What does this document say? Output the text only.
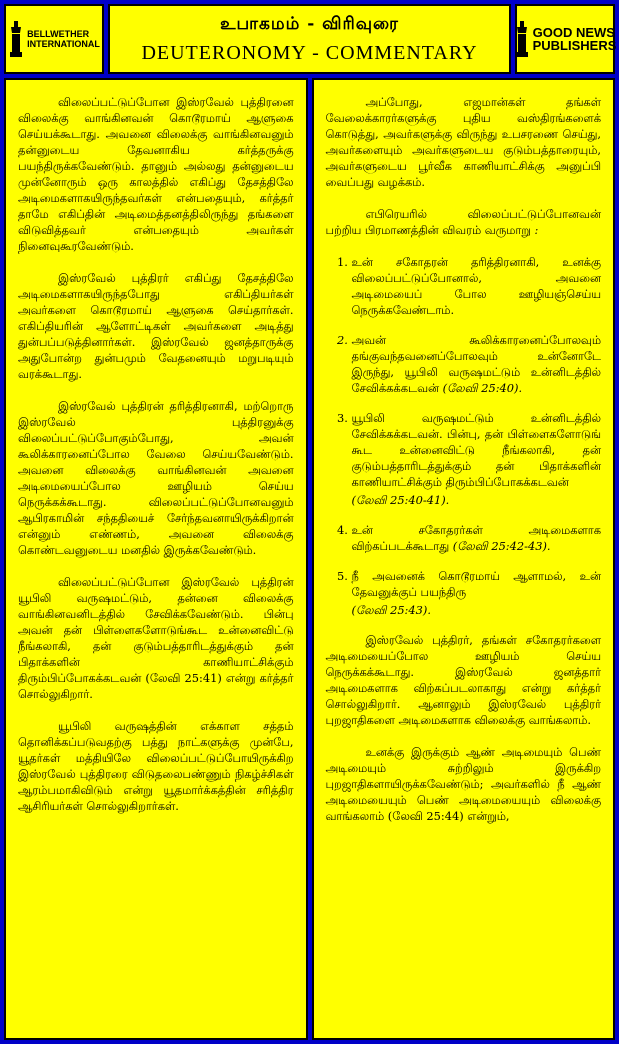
BELLWETHER
INTERNATIONAL
உபாகமம் - விரிவுரை
DEUTERONOMY - COMMENTARY
GOOD NEWS
PUBLISHERS

விலைப்பட்டுப்போன இஸ்ரவேல் புத்திரனை விலைக்கு வாங்கினவன் கொடூரமாய் ஆளுகை செய்யக்கூடாது. அவனை விலைக்கு வாங்கினவனும் தன்னுடைய தேவனாகிய கர்த்தருக்கு பயந்திருக்கவேண்டும். தானும் அல்லது தன்னுடைய முன்னோரும் ஒரு காலத்தில் எகிப்து தேசத்திலே அடிமைகளாகயிருந்தவர்கள் என்பதையும், கர்த்தர் தாமே எகிப்தின் அடிமைத்தனத்திலிருந்து தங்களை விடுவித்தவர் என்பதையும் அவர்கள் நினைவுகூரவேண்டும்.

இஸ்ரவேல் புத்திரர் எகிப்து தேசத்திலே அடிமைகளாகயிருந்தபோது எகிப்தியர்கள் அவர்களை கொடூரமாய் ஆளுகை செய்தார்கள். எகிப்தியரின் ஆளோட்டிகள் அவர்களை அடித்து துன்பப்படுத்தினார்கள். இஸ்ரவேல் ஜனத்தாருக்கு அதுபோன்ற துன்பமும் வேதனையும் மறுபடியும் வரக்கூடாது.

இஸ்ரவேல் புத்திரன் தரித்திரனாகி, மற்றொரு இஸ்ரவேல் புத்திரனுக்கு விலைப்பட்டுப்போகும்போது, அவன் கூலிக்காரனைப்போல வேலை செய்யவேண்டும். அவனை விலைக்கு வாங்கினவன் அவனை அடிமையைப்போல ஊழியம் செய்ய நெருக்கக்கூடாது. விலைப்பட்டுப்போனவனும் ஆபிரகாமின் சந்ததியைச் சேர்ந்தவனாயிருக்கிறான் என்னும் எண்ணம், அவனை விலைக்கு கொண்டவனுடைய மனதில் இருக்கவேண்டும்.

விலைப்பட்டுப்போன இஸ்ரவேல் புத்திரன் யூபிலி வருஷமட்டும், தன்னை விலைக்கு வாங்கினவனிடத்தில் சேவிக்கவேண்டும். பின்பு அவன் தன் பிள்ளைகளோடுங்கூட உன்னைவிட்டு நீங்கலாகி, தன் குடும்பத்தாரிடத்துக்கும் தன் பிதாக்களின் காணியாட்சிக்கும் திரும்பிப்போகக்கடவன் (லேவி 25:41) என்று கர்த்தர் சொல்லுகிறார்.

யூபிலி வருஷத்தின் எக்காள சத்தம் தொனிக்கப்படுவதற்கு பத்து நாட்களுக்கு முன்பே, யூதர்கள் மத்தியிலே விலைப்பட்டுப்போயிருக்கிற இஸ்ரவேல் புத்திரரை விடுதலைபண்ணும் நிகழ்ச்சிகள் ஆரம்பமாகிவிடும் என்று யூதமார்க்கத்தின் சரித்திர ஆசிரியர்கள் சொல்லுகிறார்கள்.

அப்போது, எஜமான்கள் தங்கள் வேலைக்காரர்களுக்கு புதிய வஸ்திரங்களைக் கொடுத்து, அவர்களுக்கு விருந்து உபசரணை செய்து, அவர்களையும் அவர்களுடைய குடும்பத்தாரையும், அவர்களுடைய பூர்வீக காணியாட்சிக்கு அனுப்பி வைப்பது வழக்கம்.

எபிரெயரில் விலைப்பட்டுப்போனவன் பற்றிய பிரமாணத்தின் விவரம் வருமாறு :

1. உன் சகோதரன் தரித்திரனாகி, உனக்கு விலைப்பட்டுப்போனால், அவனை அடிமையைப் போல ஊழியஞ்செய்ய நெருக்கவேண்டாம்.
2. அவன் கூலிக்காரனைப்போலவும் தங்குவந்தவனைப்போலவும் உன்னோடே இருந்து, யூபிலி வருஷமட்டும் உன்னிடத்தில் சேவிக்கக்கடவன் (லேவி 25:40).
3. யூபிலி வருஷமட்டும் உன்னிடத்தில் சேவிக்கக்கடவன். பின்பு, தன் பிள்ளைகளோடுங் கூட உன்னைவிட்டு நீங்கலாகி, தன் குடும்பத்தாரிடத்துக்கும் தன் பிதாக்களின் காணியாட்சிக்கும் திரும்பிப்போகக்கடவன்
(லேவி 25:40-41).
4. உன் சகோதரர்கள் அடிமைகளாக விற்கப்படக்கூடாது (லேவி 25:42-43).
5. நீ அவனைக் கொடூரமாய் ஆளாமல், உன் தேவனுக்குப் பயந்திரு
(லேவி 25:43).

இஸ்ரவேல் புத்திரர், தங்கள் சகோதரர்களை அடிமையைப்போல ஊழியம் செய்ய நெருக்கக்கூடாது. இஸ்ரவேல் ஜனத்தார் அடிமைகளாக விற்கப்படலாகாது என்று கர்த்தர் சொல்லுகிறார். ஆனாலும் இஸ்ரவேல் புத்திரர் புறஜாதிகளை அடிமைகளாக விலைக்கு வாங்கலாம்.

உனக்கு இருக்கும் ஆண் அடிமையும் பெண் அடிமையும் சுற்றிலும் இருக்கிற புறஜாதிகளாயிருக்கவேண்டும்; அவர்களில் நீ ஆண் அடிமையையும் பெண் அடிமையையும் விலைக்கு வாங்கலாம் (லேவி 25:44) என்றும்,
